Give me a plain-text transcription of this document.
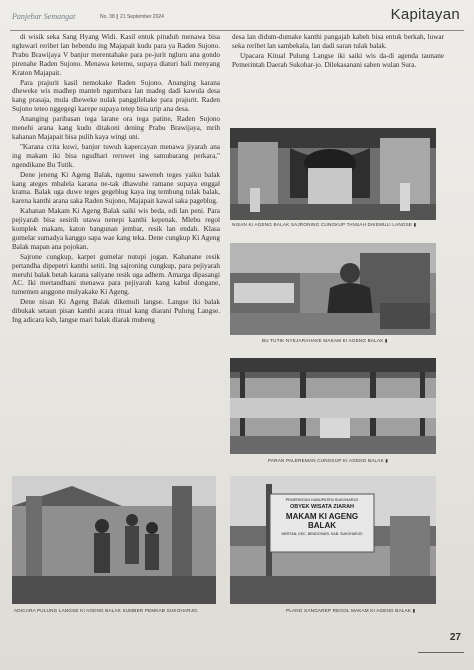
Panjebar Semangat	No. 38 ∥ 21 September 2024	Kapitayan

di wisik seka Sang Hyang Widi. Kasil entuk pituduh menawa bisa ngluwari reribet lan bebendu ing Majapait kudu para ya Raden Sujono. Prabu Brawijaya V banjur merentahake para pe-jurit ngluru ana gondo pirenahe Raden Sujono. Menawa ketemu, supaya diaturi bali menyang Kraton Majapait.

Para prajurit kasil nemokake Raden Sujono. Ananging karana dheweke wis madhep manteb ngumbara lan madeg dadi kawula desa kang prasaja, mula dheweke nulak panggilehake para prajurit. Raden Sujono teteo nggegegi karepe supaya tetep bisa urip ana desa.

Ananging paribasan tega larane ora tega patine, Raden Sujono menehi arana kang kudu ditakoni dening Prabu Brawijaya, mrih kahanan Majapait bisa pulih kaya wingi uni.

"Karana crita kuwi, banjur tuwuh kapercayan menawa jiyarah ana ing makam iki bisa ngudhari reruwet ing samubarang perkara," ngendikane Bu Tutik.

Dene jeneng Ki Ageng Balak, ngemu saweneh teges yaiku balak kang ateges mbalela karana ne-tak dhawuhe ramane supaya enggal krama. Balak uga duwe teges gegeblug kaya ing tembung tulak balak, karena kanthi arana saka Raden Sujono, Majapait kawal saka pageblug.

Kahanan Makam Ki Ageng Balak saiki wis beda, edi lan peni. Para pejiyarah bisa sesirih utawa nenepi kanthi kepenak. Mlebu regol komplek makam, katon bangunan jembar, resik lan endah. Klasa gumelar sumadya kanggo sapa wae kang teka. Dene cungkup Ki Ageng Balak mapan ana pojokan.

Sajrone cungkup, karpet gumelar nutupi jogan. Kahanane resik pertandha dipepetri kanthi setiti. Ing sajroning cungkup, para pejiyarah meruhi balak betah karana saliyane resik uga adhem. Amarga dipasangi AC. Iki mertandhani menawa para pejiyarah kang kabul dongane, tumemen anggone mulyakake Ki Ageng.

Dene nisan Ki Ageng Balak dikemuli langse. Langse iki balak dibukak setaun pisan kanthi acara ritual kang diarani Pulung Langse. Ing adicara ksb, langse mari balak diarak mubeng

desa lan didum-dumake kanthi pangajab kabeh bisa entuk berkah, luwar seka reribet lan sambekala, lan dadi saran tulak balak.

Upacara Kitual Pulung Langse iki saiki wis da-di agenda taunane Pemerintah Daerah Sukohar-jo. Dilekasanani saben wulan Sura.

NISAN KI AGENG BALAK SAJRONING CUNGKUP TANSAH DIKEMULI LANGSE ▮
BU TUTIK NYEJARAHAKE MAKAM KI AGENG BALAK ▮
PARAN PALEREMAN CUNGKUP KI AGENG BALAK ▮
ADICARA PULUNG LANGSE KI AGENG BALAK SUMBER PEMKAB SUKOHARJO.
PEMERINTAH KABUPATEN SUKOHARJO
OBYEK WISATA ZIARAH
MAKAM KI AGENG BALAK
MERTAN, KEC. BENDOSARI, KAB. SUKOHARJO
PLANG SANGAREP REGOL MAKAM KI AGENG BALAK ▮
27
